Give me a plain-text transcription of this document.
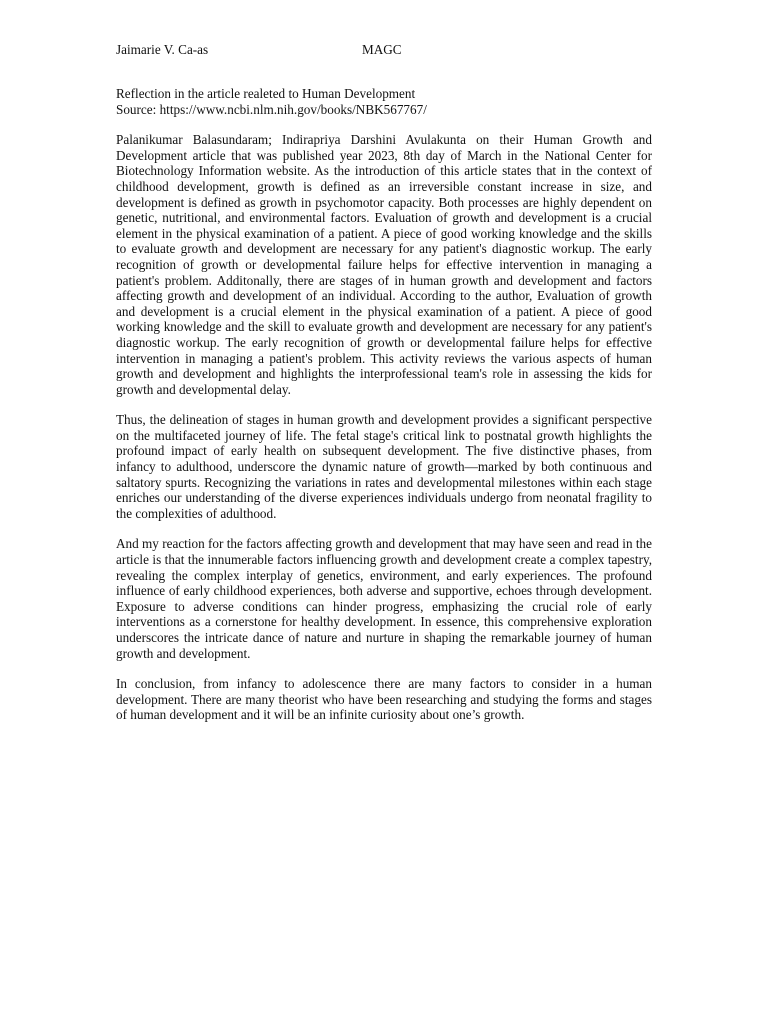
Jaimarie V. Ca-as	MAGC
Reflection in the article realeted to Human Development
Source: https://www.ncbi.nlm.nih.gov/books/NBK567767/

Palanikumar Balasundaram; Indirapriya Darshini Avulakunta on their Human Growth and Development article that was published year 2023, 8th day of March in the National Center for Biotechnology Information website. As the introduction of this article states that in the context of childhood development, growth is defined as an irreversible constant increase in size, and development is defined as growth in psychomotor capacity. Both processes are highly dependent on genetic, nutritional, and environmental factors. Evaluation of growth and development is a crucial element in the physical examination of a patient. A piece of good working knowledge and the skills to evaluate growth and development are necessary for any patient's diagnostic workup. The early recognition of growth or developmental failure helps for effective intervention in managing a patient's problem. Additonally, there are stages of in human growth and development and factors affecting growth and development of an individual. According to the author, Evaluation of growth and development is a crucial element in the physical examination of a patient. A piece of good working knowledge and the skill to evaluate growth and development are necessary for any patient's diagnostic workup. The early recognition of growth or developmental failure helps for effective intervention in managing a patient's problem. This activity reviews the various aspects of human growth and development and highlights the interprofessional team's role in assessing the kids for growth and developmental delay.

Thus, the delineation of stages in human growth and development provides a significant perspective on the multifaceted journey of life. The fetal stage's critical link to postnatal growth highlights the profound impact of early health on subsequent development. The five distinctive phases, from infancy to adulthood, underscore the dynamic nature of growth—marked by both continuous and saltatory spurts. Recognizing the variations in rates and developmental milestones within each stage enriches our understanding of the diverse experiences individuals undergo from neonatal fragility to the complexities of adulthood.

And my reaction for the factors affecting growth and development that may have seen and read in the article is that the innumerable factors influencing growth and development create a complex tapestry, revealing the complex interplay of genetics, environment, and early experiences. The profound influence of early childhood experiences, both adverse and supportive, echoes through development. Exposure to adverse conditions can hinder progress, emphasizing the crucial role of early interventions as a cornerstone for healthy development. In essence, this comprehensive exploration underscores the intricate dance of nature and nurture in shaping the remarkable journey of human growth and development.

In conclusion, from infancy to adolescence there are many factors to consider in a human development. There are many theorist who have been researching and studying the forms and stages of human development and it will be an infinite curiosity about one’s growth.
